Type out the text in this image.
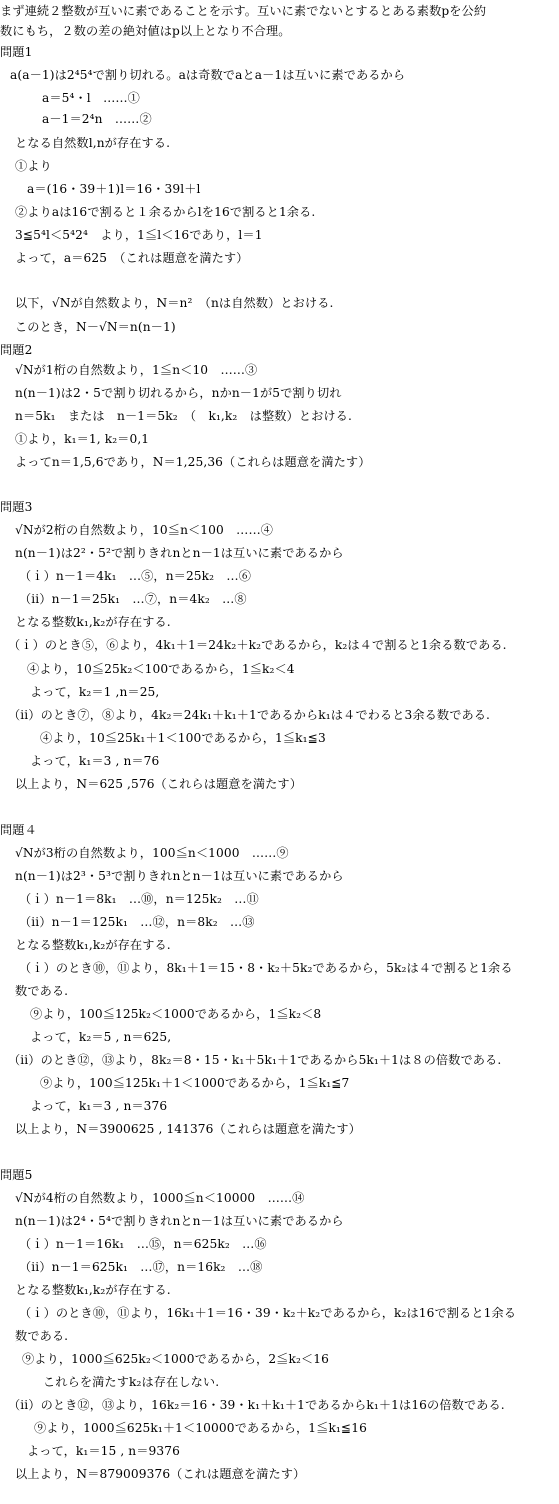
まず連続２整数が互いに素であることを示す。互いに素でないとするとある素数pを公約
数にもち，２数の差の絶対値はp以上となり不合理。
問題1
a(a－1)は2⁴5⁴で割り切れる。aは奇数でaとa－1は互いに素であるから
a＝5⁴・l　……①
a－1＝2⁴n　……②
となる自然数l,nが存在する.
①より
a＝(16・39＋1)l＝16・39l＋l
②よりaは16で割ると１余るからlを16で割ると1余る.
3≦5⁴l＜5⁴2⁴　より，1≦l＜16であり，l＝1
よって，a＝625　（これは題意を満たす）
以下，√Nが自然数より，N＝n²　（nは自然数）とおける.
このとき，N－√N＝n(n－1)
問題2
√Nが1桁の自然数より，1≦n＜10　……③
n(n－1)は2・5で割り切れるから，nかn－1が5で割り切れ
n＝5k₁　または　n－1＝5k₂　（　k₁,k₂　は整数）とおける.
①より，k₁＝1, k₂＝0,1
よってn＝1,5,6であり，N＝1,25,36（これらは題意を満たす）
問題3
√Nが2桁の自然数より，10≦n＜100　……④
n(n－1)は2²・5²で割りきれnとn－1は互いに素であるから
（ｉ）n－1＝4k₁　…⑤，n＝25k₂　…⑥
（ii）n－1＝25k₁　…⑦，n＝4k₂　…⑧
となる整数k₁,k₂が存在する.
（ｉ）のとき⑤，⑥より，4k₁＋1＝24k₂＋k₂であるから，k₂は４で割ると1余る数である.
④より，10≦25k₂＜100であるから，1≦k₂＜4
よって，k₂＝1 ,n＝25,
（ii）のとき⑦，⑧より，4k₂＝24k₁＋k₁＋1であるからk₁は４でわると3余る数である.
④より，10≦25k₁＋1＜100であるから，1≦k₁≦3
よって，k₁＝3 , n＝76
以上より，N＝625 ,576（これらは題意を満たす）
問題４
√Nが3桁の自然数より，100≦n＜1000　……⑨
n(n－1)は2³・5³で割りきれnとn－1は互いに素であるから
（ｉ）n－1＝8k₁　…⑩，n＝125k₂　…⑪
（ii）n－1＝125k₁　…⑫，n＝8k₂　…⑬
となる整数k₁,k₂が存在する.
（ｉ）のとき⑩，⑪より，8k₁＋1＝15・8・k₂＋5k₂であるから，5k₂は４で割ると1余る
数である.
⑨より，100≦125k₂＜1000であるから，1≦k₂＜8
よって，k₂＝5 , n＝625,
（ii）のとき⑫，⑬より，8k₂＝8・15・k₁＋5k₁＋1であるから5k₁＋1は８の倍数である.
⑨より，100≦125k₁＋1＜1000であるから，1≦k₁≦7
よって，k₁＝3 , n＝376
以上より，N＝3900625 , 141376（これらは題意を満たす）
問題5
√Nが4桁の自然数より，1000≦n＜10000　……⑭
n(n－1)は2⁴・5⁴で割りきれnとn－1は互いに素であるから
（ｉ）n－1＝16k₁　…⑮，n＝625k₂　…⑯
（ii）n－1＝625k₁　…⑰，n＝16k₂　…⑱
となる整数k₁,k₂が存在する.
（ｉ）のとき⑩，⑪より，16k₁＋1＝16・39・k₂＋k₂であるから，k₂は16で割ると1余る
数である.
⑨より，1000≦625k₂＜1000であるから，2≦k₂＜16
これらを満たすk₂は存在しない.
（ii）のとき⑫，⑬より，16k₂＝16・39・k₁＋k₁＋1であるからk₁＋1は16の倍数である.
⑨より，1000≦625k₁＋1＜10000であるから，1≦k₁≦16
よって，k₁＝15 , n＝9376
以上より，N＝879009376（これは題意を満たす）
